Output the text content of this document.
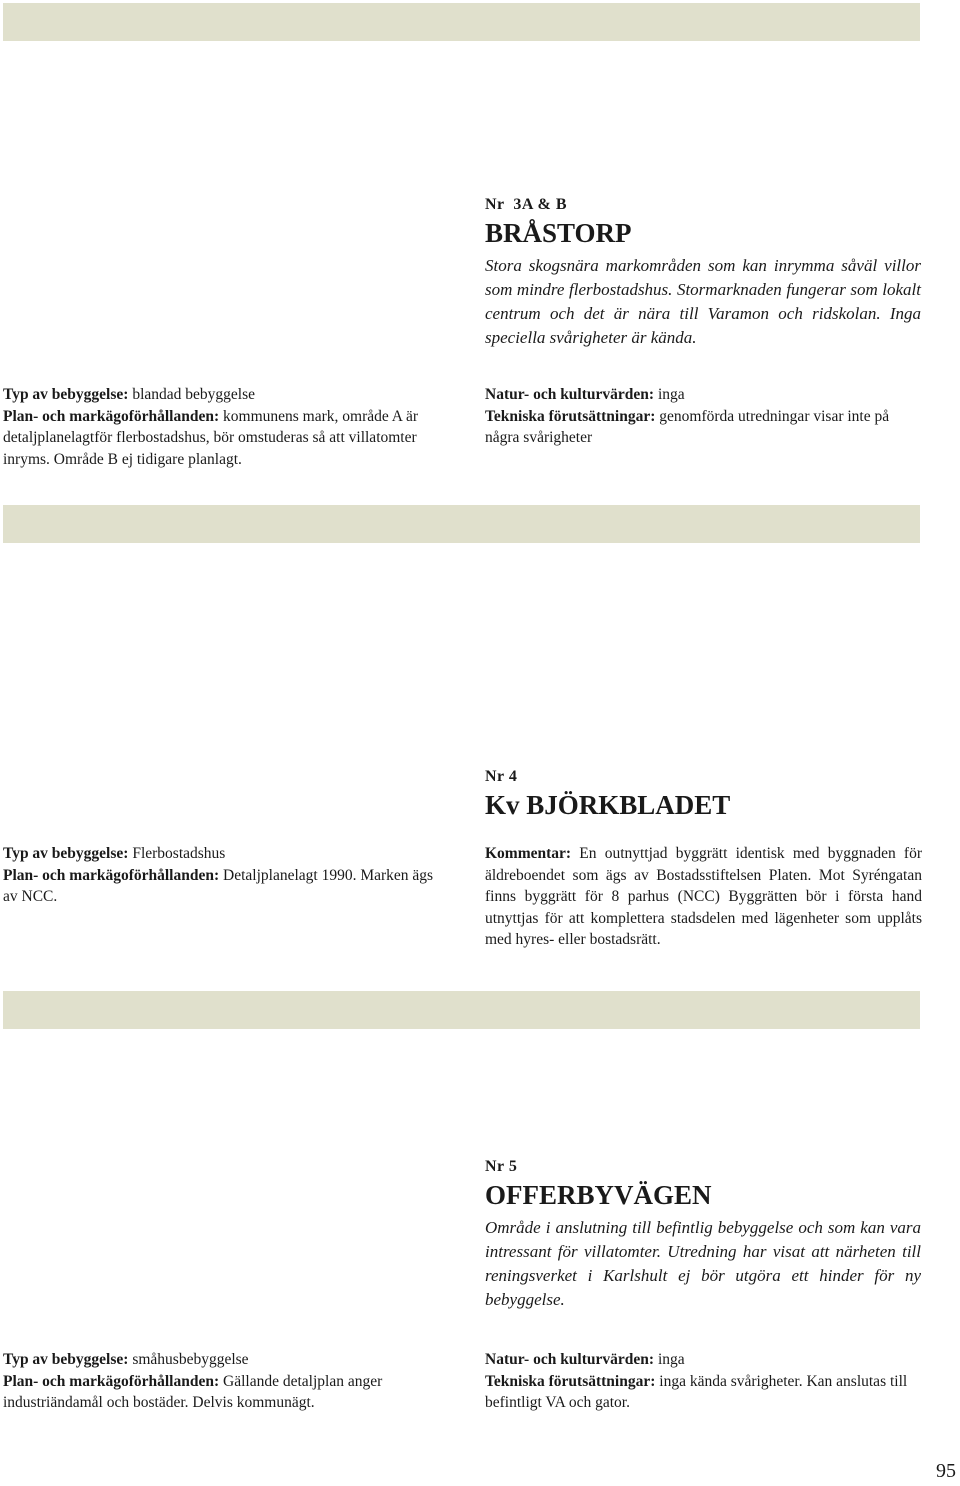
Nr  3A & B
BRÅSTORP
Stora skogsnära markområden som kan inrymma såväl villor som mindre flerbostadshus. Stormarknaden fungerar som lokalt centrum och det är nära till Varamon och ridskolan. Inga speciella svårigheter är kända.

Typ av bebyggelse: blandad bebyggelse

Plan- och markägoförhållanden: kommunens mark, område A är detaljplanelagtför flerbostadshus, bör omstuderas så att villatomter inryms. Område B ej tidigare planlagt.

Natur- och kulturvärden: inga

Tekniska förutsättningar: genomförda utredningar visar inte på några svårigheter

Nr 4
Kv BJÖRKBLADET

Typ av bebyggelse: Flerbostadshus

Plan- och markägoförhållanden: Detaljplanelagt 1990. Marken ägs av NCC.

Kommentar: En outnyttjad byggrätt identisk med byggnaden för äldreboendet som ägs av Bostadsstiftelsen Platen. Mot Syréngatan finns byggrätt för 8 parhus (NCC) Byggrätten bör i första hand utnyttjas för att komplettera stadsdelen med lägenheter som upplåts med hyres- eller bostadsrätt.

Nr 5
OFFERBYVÄGEN
Område i anslutning till befintlig bebyggelse och som kan vara intressant för villatomter. Utredning har visat att närheten till reningsverket i Karlshult ej bör utgöra ett hinder för ny bebyggelse.

Typ av bebyggelse: småhusbebyggelse

Plan- och markägoförhållanden: Gällande detaljplan anger industriändamål och bostäder. Delvis kommunägt.

Natur- och kulturvärden: inga

Tekniska förutsättningar: inga kända svårigheter. Kan anslutas till befintligt VA och gator.

95
